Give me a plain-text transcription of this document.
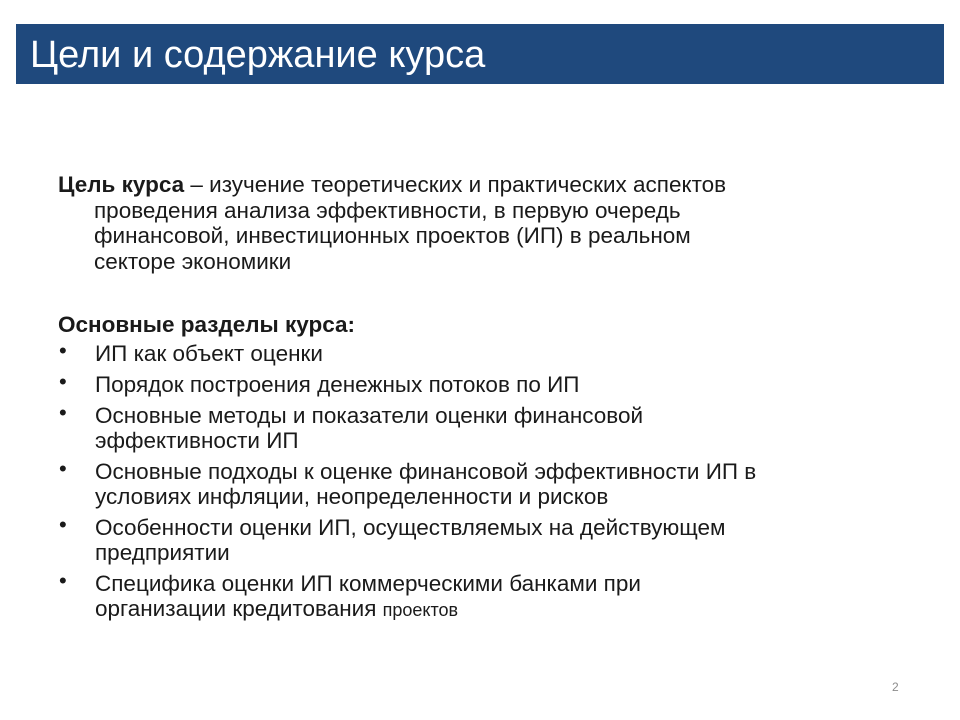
Цели и содержание курса
Цель курса – изучение теоретических и практических аспектов
проведения анализа эффективности, в первую очередь
финансовой, инвестиционных проектов (ИП) в реальном
секторе экономики
Основные разделы курса:
• ИП как объект оценки
• Порядок построения денежных потоков по ИП
• Основные методы и показатели оценки финансовой
эффективности ИП
• Основные подходы к оценке финансовой эффективности ИП в
условиях инфляции, неопределенности и рисков
• Особенности оценки ИП, осуществляемых на действующем
предприятии
• Специфика оценки ИП коммерческими банками при
организации кредитования проектов
2
